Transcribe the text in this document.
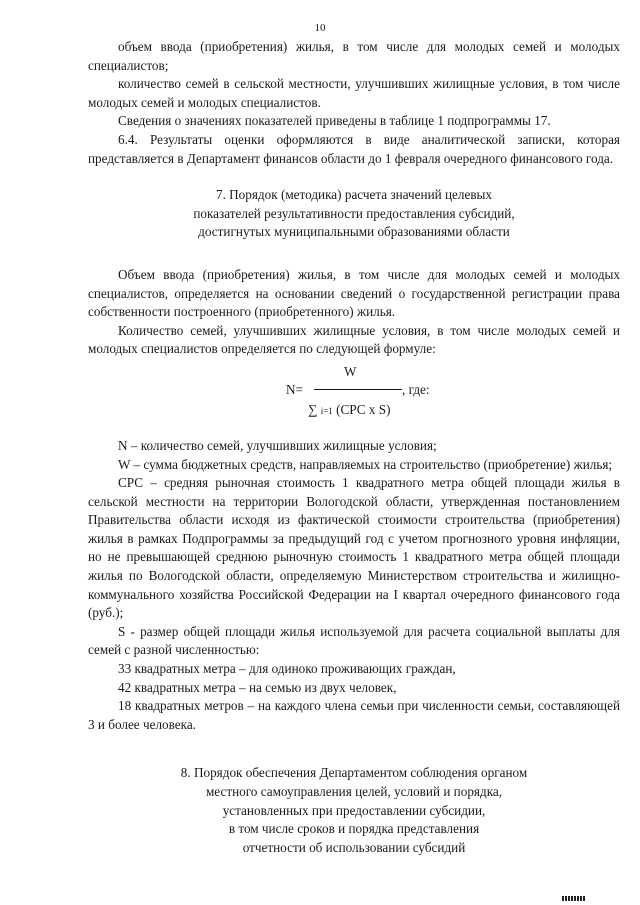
10

объем ввода (приобретения) жилья, в том числе для молодых семей и молодых специалистов;

количество семей в сельской местности, улучшивших жилищные условия, в том числе молодых семей и молодых специалистов.

Сведения о значениях показателей приведены в таблице 1 подпрограммы 17.

6.4. Результаты оценки оформляются в виде аналитической записки, которая представляется в Департамент финансов области до 1 февраля очередного финансового года.

7. Порядок (методика) расчета значений целевых
показателей результативности предоставления субсидий,
достигнутых муниципальными образованиями области

Объем ввода (приобретения) жилья, в том числе для молодых семей и молодых специалистов, определяется на основании сведений о государственной регистрации права собственности построенного (приобретенного) жилья.

Количество семей, улучшивших жилищные условия, в том числе молодых семей и молодых специалистов определяется по следующей формуле:

N=
W
, где:
∑ i=1 (СРС х S)

N – количество семей, улучшивших жилищные условия;

W – сумма бюджетных средств, направляемых на строительство (приобретение) жилья;

СРС – средняя рыночная стоимость 1 квадратного метра общей площади жилья в сельской местности на территории Вологодской области, утвержденная постановлением Правительства области исходя из фактической стоимости строительства (приобретения) жилья в рамках Подпрограммы за предыдущий год с учетом прогнозного уровня инфляции, но не превышающей среднюю рыночную стоимость 1 квадратного метра общей площади жилья по Вологодской области, определяемую Министерством строительства и жилищно-коммунального хозяйства Российской Федерации на I квартал очередного финансового года (руб.);

S - размер общей площади жилья используемой для расчета социальной выплаты для семей с разной численностью:

33 квадратных метра – для одиноко проживающих граждан,

42 квадратных метра – на семью из двух человек,

18 квадратных метров – на каждого члена семьи при численности семьи, составляющей 3 и более человека.

8. Порядок обеспечения Департаментом соблюдения органом
местного самоуправления целей, условий и порядка,
установленных при предоставлении субсидии,
в том числе сроков и порядка представления
отчетности об использовании субсидий
